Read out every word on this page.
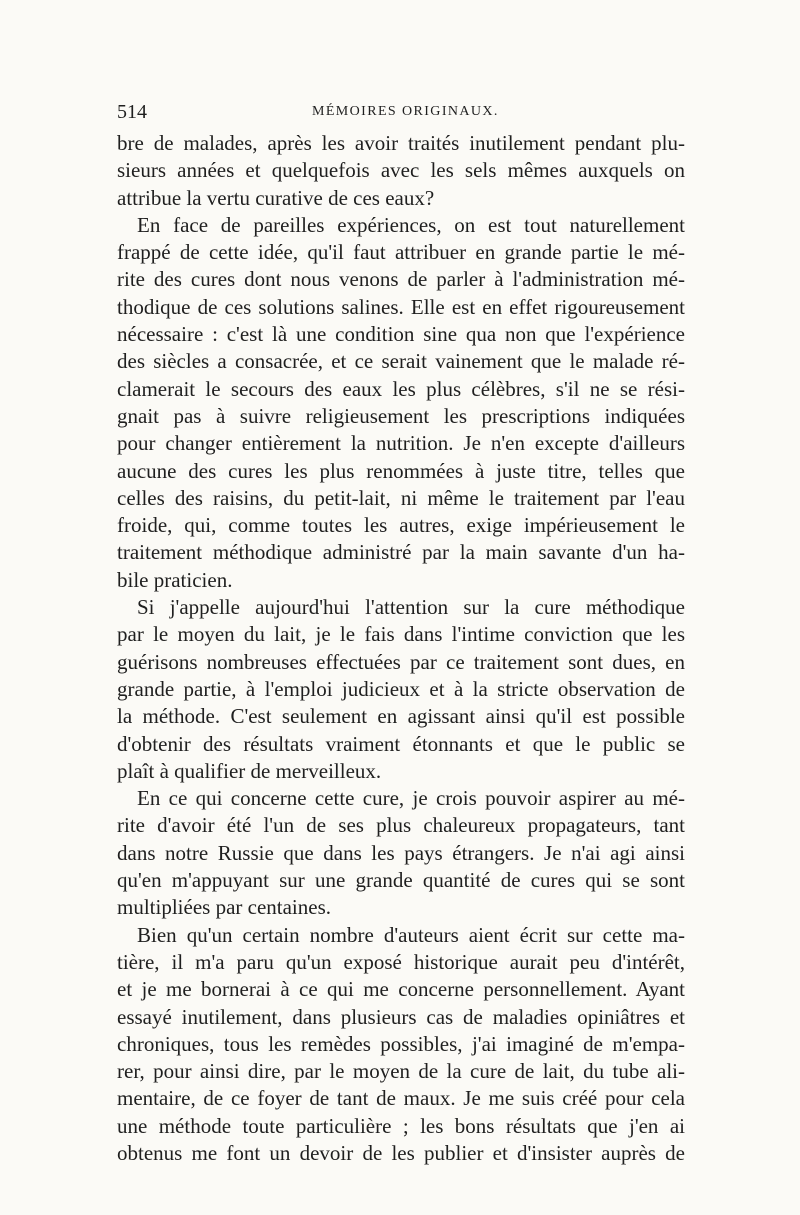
514	MÉMOIRES ORIGINAUX.
bre de malades, après les avoir traités inutilement pendant plu-
sieurs années et quelquefois avec les sels mêmes auxquels on
attribue la vertu curative de ces eaux?
En face de pareilles expériences, on est tout naturellement
frappé de cette idée, qu'il faut attribuer en grande partie le mé-
rite des cures dont nous venons de parler à l'administration mé-
thodique de ces solutions salines. Elle est en effet rigoureusement
nécessaire : c'est là une condition sine qua non que l'expérience
des siècles a consacrée, et ce serait vainement que le malade ré-
clamerait le secours des eaux les plus célèbres, s'il ne se rési-
gnait pas à suivre religieusement les prescriptions indiquées
pour changer entièrement la nutrition. Je n'en excepte d'ailleurs
aucune des cures les plus renommées à juste titre, telles que
celles des raisins, du petit-lait, ni même le traitement par l'eau
froide, qui, comme toutes les autres, exige impérieusement le
traitement méthodique administré par la main savante d'un ha-
bile praticien.
Si j'appelle aujourd'hui l'attention sur la cure méthodique
par le moyen du lait, je le fais dans l'intime conviction que les
guérisons nombreuses effectuées par ce traitement sont dues, en
grande partie, à l'emploi judicieux et à la stricte observation de
la méthode. C'est seulement en agissant ainsi qu'il est possible
d'obtenir des résultats vraiment étonnants et que le public se
plaît à qualifier de merveilleux.
En ce qui concerne cette cure, je crois pouvoir aspirer au mé-
rite d'avoir été l'un de ses plus chaleureux propagateurs, tant
dans notre Russie que dans les pays étrangers. Je n'ai agi ainsi
qu'en m'appuyant sur une grande quantité de cures qui se sont
multipliées par centaines.
Bien qu'un certain nombre d'auteurs aient écrit sur cette ma-
tière, il m'a paru qu'un exposé historique aurait peu d'intérêt,
et je me bornerai à ce qui me concerne personnellement. Ayant
essayé inutilement, dans plusieurs cas de maladies opiniâtres et
chroniques, tous les remèdes possibles, j'ai imaginé de m'empa-
rer, pour ainsi dire, par le moyen de la cure de lait, du tube ali-
mentaire, de ce foyer de tant de maux. Je me suis créé pour cela
une méthode toute particulière ; les bons résultats que j'en ai
obtenus me font un devoir de les publier et d'insister auprès de
